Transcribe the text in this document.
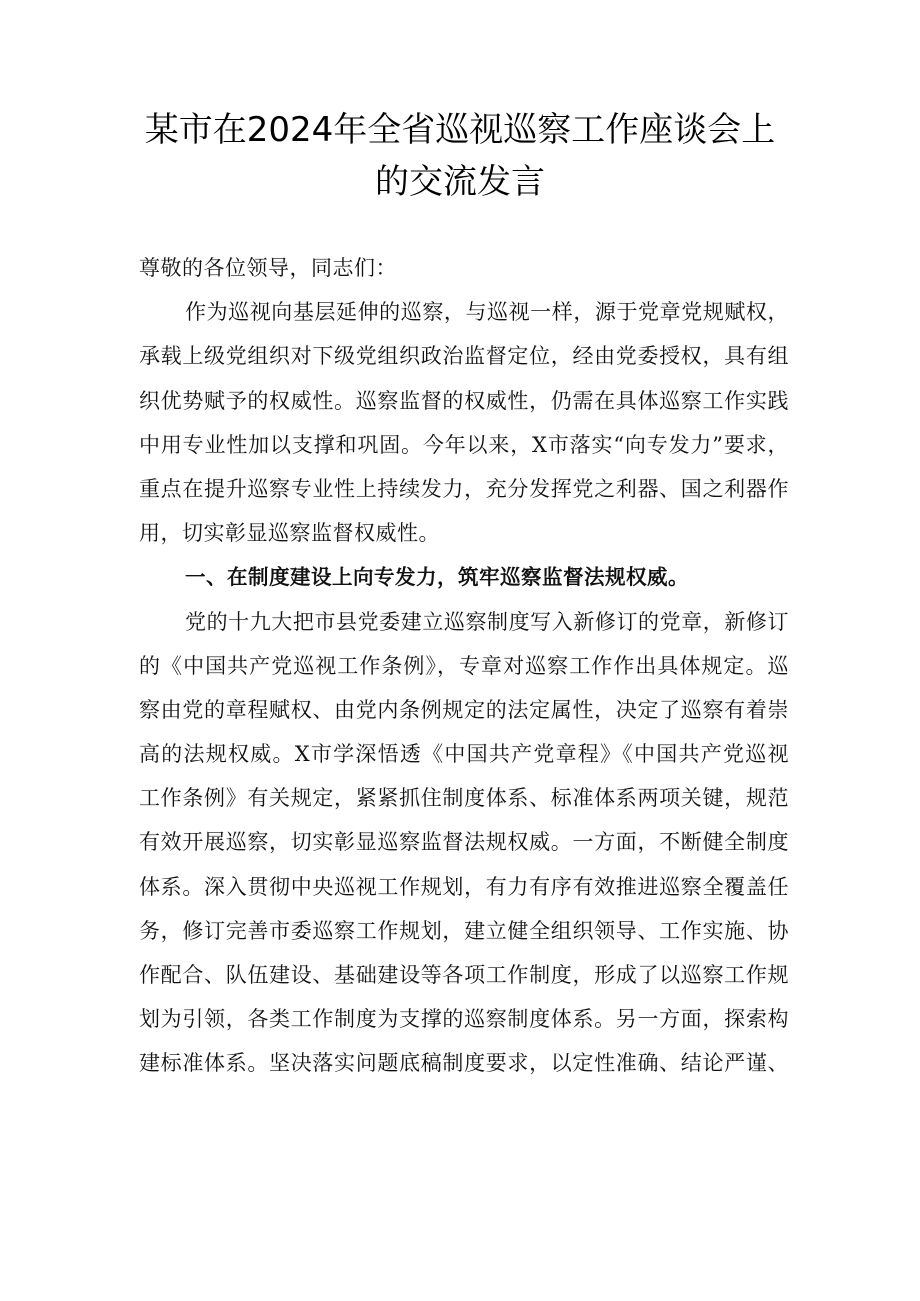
某市在2024年全省巡视巡察工作座谈会上
的交流发言
尊敬的各位领导，同志们：
作为巡视向基层延伸的巡察，与巡视一样，源于党章党规赋权，
承载上级党组织对下级党组织政治监督定位，经由党委授权，具有组
织优势赋予的权威性。巡察监督的权威性，仍需在具体巡察工作实践
中用专业性加以支撑和巩固。今年以来，X市落实“向专发力”要求，
重点在提升巡察专业性上持续发力，充分发挥党之利器、国之利器作
用，切实彰显巡察监督权威性。
一、在制度建设上向专发力，筑牢巡察监督法规权威。
党的十九大把市县党委建立巡察制度写入新修订的党章，新修订
的《中国共产党巡视工作条例》，专章对巡察工作作出具体规定。巡
察由党的章程赋权、由党内条例规定的法定属性，决定了巡察有着崇
高的法规权威。X市学深悟透《中国共产党章程》《中国共产党巡视
工作条例》有关规定，紧紧抓住制度体系、标准体系两项关键，规范
有效开展巡察，切实彰显巡察监督法规权威。一方面，不断健全制度
体系。深入贯彻中央巡视工作规划，有力有序有效推进巡察全覆盖任
务，修订完善市委巡察工作规划，建立健全组织领导、工作实施、协
作配合、队伍建设、基础建设等各项工作制度，形成了以巡察工作规
划为引领，各类工作制度为支撑的巡察制度体系。另一方面，探索构
建标准体系。坚决落实问题底稿制度要求，以定性准确、结论严谨、
